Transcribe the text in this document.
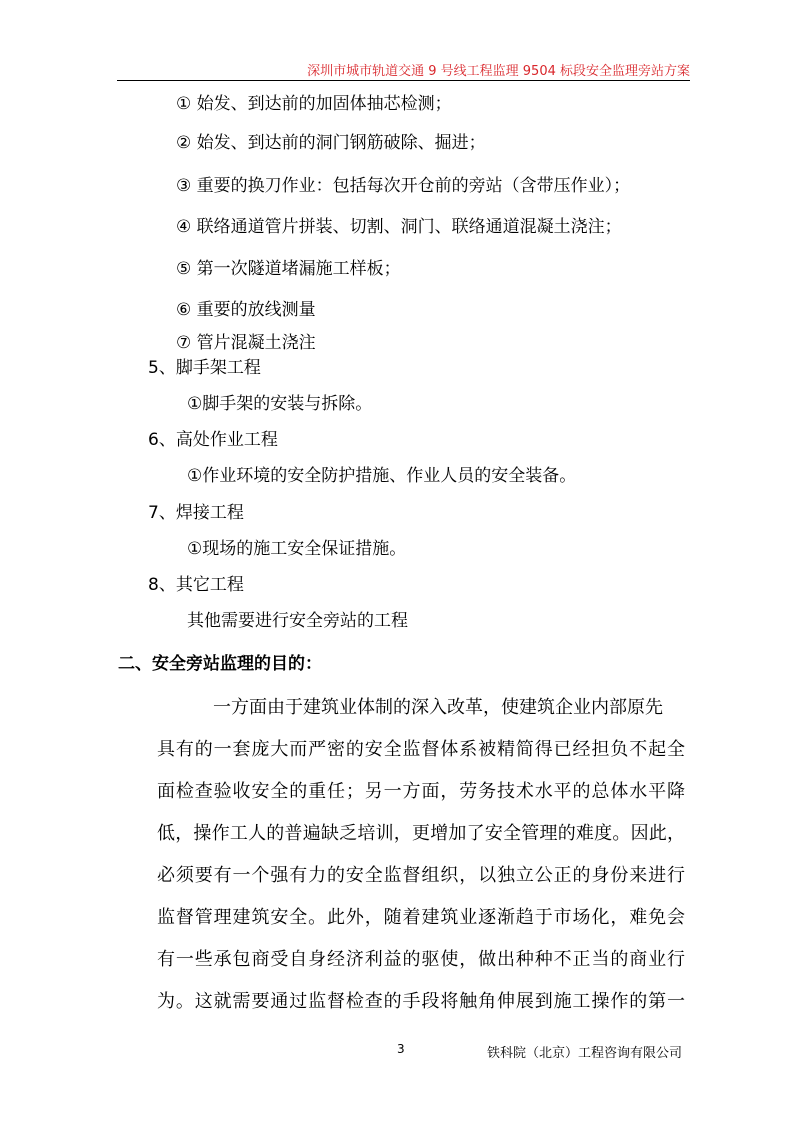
深圳市城市轨道交通 9 号线工程监理 9504 标段安全监理旁站方案
① 始发、到达前的加固体抽芯检测；
② 始发、到达前的洞门钢筋破除、掘进；
③ 重要的换刀作业：包括每次开仓前的旁站（含带压作业）；
④ 联络通道管片拼装、切割、洞门、联络通道混凝土浇注；
⑤ 第一次隧道堵漏施工样板；
⑥ 重要的放线测量
⑦ 管片混凝土浇注
5、脚手架工程
①脚手架的安装与拆除。
6、高处作业工程
①作业环境的安全防护措施、作业人员的安全装备。
7、焊接工程
①现场的施工安全保证措施。
8、其它工程
其他需要进行安全旁站的工程
二、安全旁站监理的目的：
一方面由于建筑业体制的深入改革，使建筑企业内部原先
具有的一套庞大而严密的安全监督体系被精简得已经担负不起全
面检查验收安全的重任；另一方面，劳务技术水平的总体水平降
低，操作工人的普遍缺乏培训，更增加了安全管理的难度。因此，
必须要有一个强有力的安全监督组织，以独立公正的身份来进行
监督管理建筑安全。此外，随着建筑业逐渐趋于市场化，难免会
有一些承包商受自身经济利益的驱使，做出种种不正当的商业行
为。这就需要通过监督检查的手段将触角伸展到施工操作的第一
3	铁科院（北京）工程咨询有限公司
